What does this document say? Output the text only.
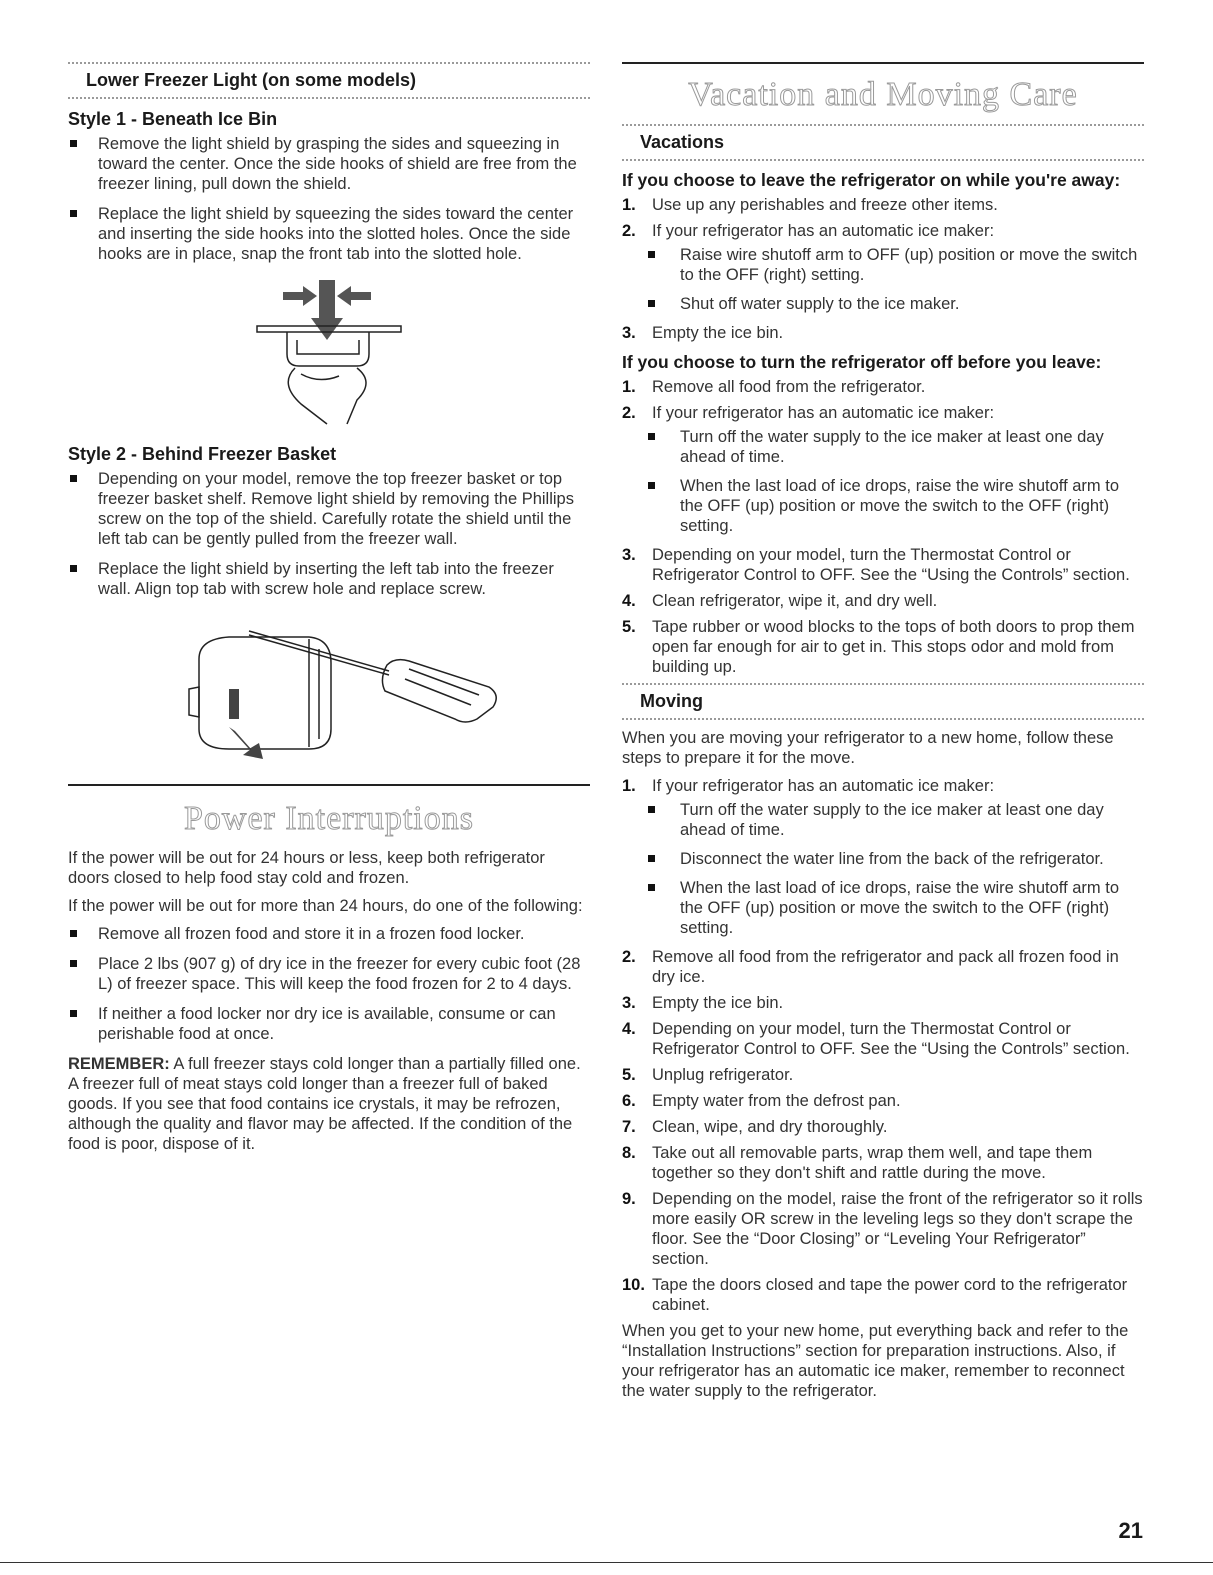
Lower Freezer Light (on some models)
Style 1 - Beneath Ice Bin
Remove the light shield by grasping the sides and squeezing in toward the center. Once the side hooks of shield are free from the freezer lining, pull down the shield.
Replace the light shield by squeezing the sides toward the center and inserting the side hooks into the slotted holes. Once the side hooks are in place, snap the front tab into the slotted hole.
Style 2 - Behind Freezer Basket
Depending on your model, remove the top freezer basket or top freezer basket shelf. Remove light shield by removing the Phillips screw on the top of the shield. Carefully rotate the shield until the left tab can be gently pulled from the freezer wall.
Replace the light shield by inserting the left tab into the freezer wall. Align top tab with screw hole and replace screw.
Power Interruptions

If the power will be out for 24 hours or less, keep both refrigerator doors closed to help food stay cold and frozen.

If the power will be out for more than 24 hours, do one of the following:

Remove all frozen food and store it in a frozen food locker.
Place 2 lbs (907 g) of dry ice in the freezer for every cubic foot (28 L) of freezer space. This will keep the food frozen for 2 to 4 days.
If neither a food locker nor dry ice is available, consume or can perishable food at once.

REMEMBER: A full freezer stays cold longer than a partially filled one. A freezer full of meat stays cold longer than a freezer full of baked goods. If you see that food contains ice crystals, it may be refrozen, although the quality and flavor may be affected. If the condition of the food is poor, dispose of it.

Vacation and Moving Care
Vacations
If you choose to leave the refrigerator on while you're away:
1. Use up any perishables and freeze other items.
2. If your refrigerator has an automatic ice maker:
Raise wire shutoff arm to OFF (up) position or move the switch to the OFF (right) setting.
Shut off water supply to the ice maker.
3. Empty the ice bin.
If you choose to turn the refrigerator off before you leave:
1. Remove all food from the refrigerator.
2. If your refrigerator has an automatic ice maker:
Turn off the water supply to the ice maker at least one day ahead of time.
When the last load of ice drops, raise the wire shutoff arm to the OFF (up) position or move the switch to the OFF (right) setting.
3. Depending on your model, turn the Thermostat Control or Refrigerator Control to OFF. See the “Using the Controls” section.
4. Clean refrigerator, wipe it, and dry well.
5. Tape rubber or wood blocks to the tops of both doors to prop them open far enough for air to get in. This stops odor and mold from building up.
Moving

When you are moving your refrigerator to a new home, follow these steps to prepare it for the move.

1. If your refrigerator has an automatic ice maker:
Turn off the water supply to the ice maker at least one day ahead of time.
Disconnect the water line from the back of the refrigerator.
When the last load of ice drops, raise the wire shutoff arm to the OFF (up) position or move the switch to the OFF (right) setting.
2. Remove all food from the refrigerator and pack all frozen food in dry ice.
3. Empty the ice bin.
4. Depending on your model, turn the Thermostat Control or Refrigerator Control to OFF. See the “Using the Controls” section.
5. Unplug refrigerator.
6. Empty water from the defrost pan.
7. Clean, wipe, and dry thoroughly.
8. Take out all removable parts, wrap them well, and tape them together so they don't shift and rattle during the move.
9. Depending on the model, raise the front of the refrigerator so it rolls more easily OR screw in the leveling legs so they don't scrape the floor. See the “Door Closing” or “Leveling Your Refrigerator” section.
10. Tape the doors closed and tape the power cord to the refrigerator cabinet.

When you get to your new home, put everything back and refer to the “Installation Instructions” section for preparation instructions. Also, if your refrigerator has an automatic ice maker, remember to reconnect the water supply to the refrigerator.

21
